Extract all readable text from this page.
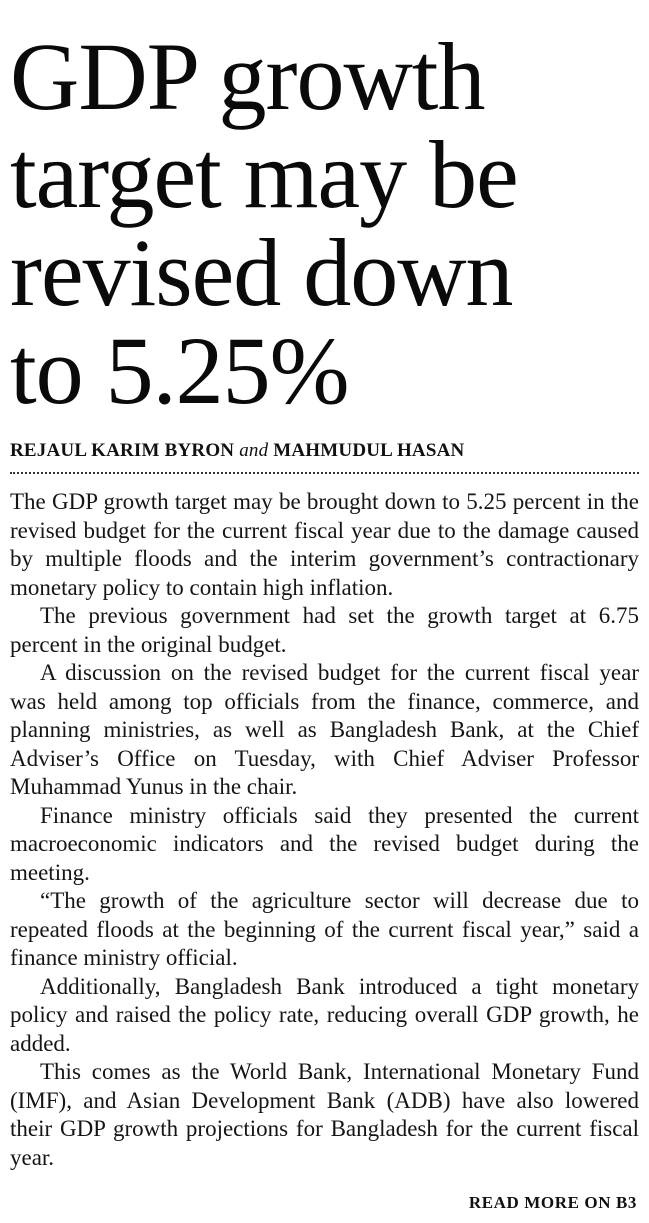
GDP growth
target may be
revised down
to 5.25%
REJAUL KARIM BYRON and MAHMUDUL HASAN

The GDP growth target may be brought down to 5.25 percent in the revised budget for the current fiscal year due to the damage caused by multiple floods and the interim government’s contractionary monetary policy to contain high inflation.

The previous government had set the growth target at 6.75 percent in the original budget.

A discussion on the revised budget for the current fiscal year was held among top officials from the finance, commerce, and planning ministries, as well as Bangladesh Bank, at the Chief Adviser’s Office on Tuesday, with Chief Adviser Professor Muhammad Yunus in the chair.

Finance ministry officials said they presented the current macroeconomic indicators and the revised budget during the meeting.

“The growth of the agriculture sector will decrease due to repeated floods at the beginning of the current fiscal year,” said a finance ministry official.

Additionally, Bangladesh Bank introduced a tight monetary policy and raised the policy rate, reducing overall GDP growth, he added.

This comes as the World Bank, International Monetary Fund (IMF), and Asian Development Bank (ADB) have also lowered their GDP growth projections for Bangladesh for the current fiscal year.

READ MORE ON B3
